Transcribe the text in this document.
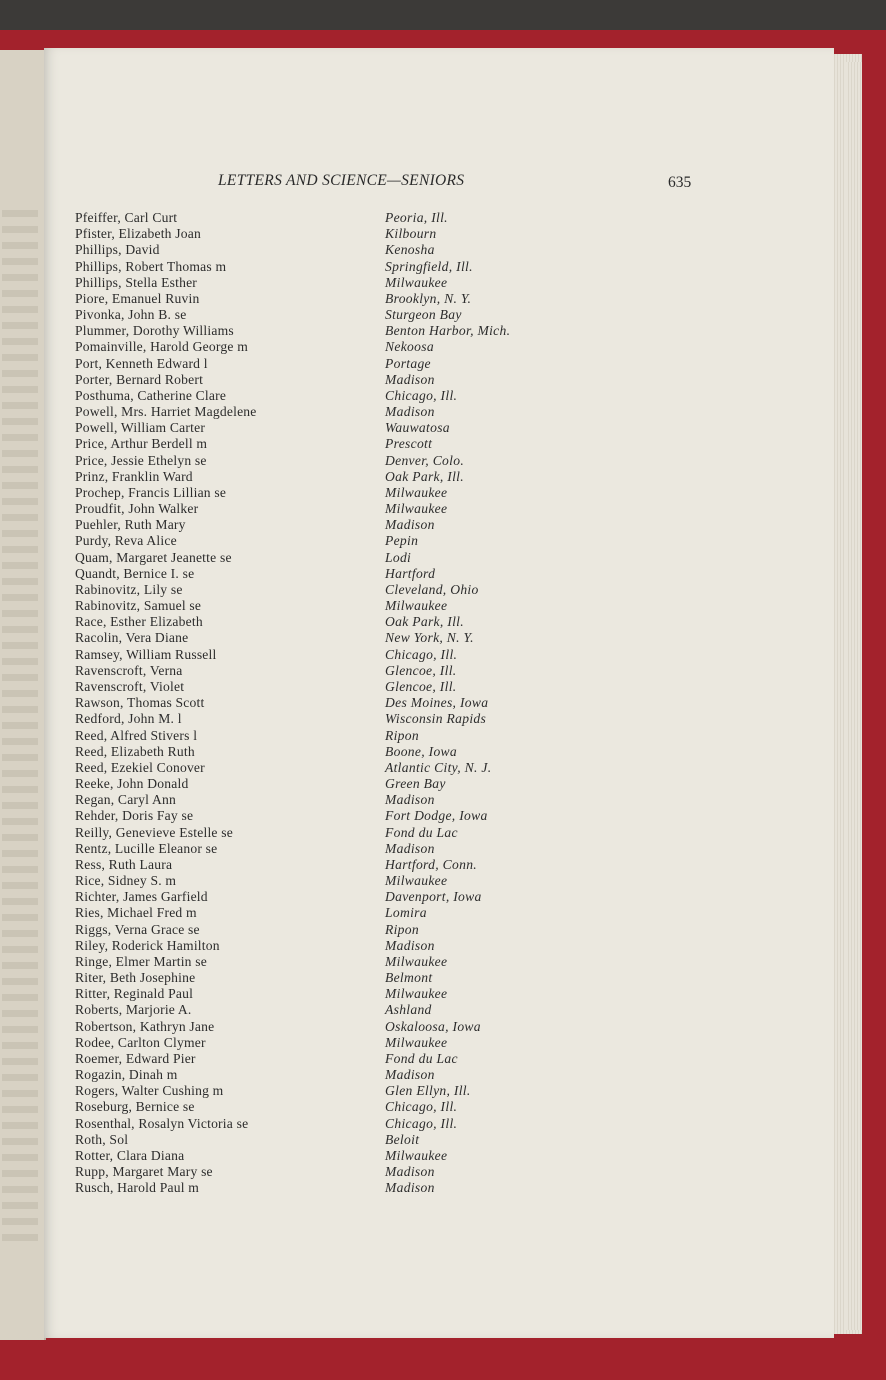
LETTERS AND SCIENCE—SENIORS	635
Pfeiffer, Carl Curt	Peoria, Ill.
Pfister, Elizabeth Joan	Kilbourn
Phillips, David	Kenosha
Phillips, Robert Thomas m	Springfield, Ill.
Phillips, Stella Esther	Milwaukee
Piore, Emanuel Ruvin	Brooklyn, N. Y.
Pivonka, John B. se	Sturgeon Bay
Plummer, Dorothy Williams	Benton Harbor, Mich.
Pomainville, Harold George m	Nekoosa
Port, Kenneth Edward l	Portage
Porter, Bernard Robert	Madison
Posthuma, Catherine Clare	Chicago, Ill.
Powell, Mrs. Harriet Magdelene	Madison
Powell, William Carter	Wauwatosa
Price, Arthur Berdell m	Prescott
Price, Jessie Ethelyn se	Denver, Colo.
Prinz, Franklin Ward	Oak Park, Ill.
Prochep, Francis Lillian se	Milwaukee
Proudfit, John Walker	Milwaukee
Puehler, Ruth Mary	Madison
Purdy, Reva Alice	Pepin
Quam, Margaret Jeanette se	Lodi
Quandt, Bernice I. se	Hartford
Rabinovitz, Lily se	Cleveland, Ohio
Rabinovitz, Samuel se	Milwaukee
Race, Esther Elizabeth	Oak Park, Ill.
Racolin, Vera Diane	New York, N. Y.
Ramsey, William Russell	Chicago, Ill.
Ravenscroft, Verna	Glencoe, Ill.
Ravenscroft, Violet	Glencoe, Ill.
Rawson, Thomas Scott	Des Moines, Iowa
Redford, John M. l	Wisconsin Rapids
Reed, Alfred Stivers l	Ripon
Reed, Elizabeth Ruth	Boone, Iowa
Reed, Ezekiel Conover	Atlantic City, N. J.
Reeke, John Donald	Green Bay
Regan, Caryl Ann	Madison
Rehder, Doris Fay se	Fort Dodge, Iowa
Reilly, Genevieve Estelle se	Fond du Lac
Rentz, Lucille Eleanor se	Madison
Ress, Ruth Laura	Hartford, Conn.
Rice, Sidney S. m	Milwaukee
Richter, James Garfield	Davenport, Iowa
Ries, Michael Fred m	Lomira
Riggs, Verna Grace se	Ripon
Riley, Roderick Hamilton	Madison
Ringe, Elmer Martin se	Milwaukee
Riter, Beth Josephine	Belmont
Ritter, Reginald Paul	Milwaukee
Roberts, Marjorie A.	Ashland
Robertson, Kathryn Jane	Oskaloosa, Iowa
Rodee, Carlton Clymer	Milwaukee
Roemer, Edward Pier	Fond du Lac
Rogazin, Dinah m	Madison
Rogers, Walter Cushing m	Glen Ellyn, Ill.
Roseburg, Bernice se	Chicago, Ill.
Rosenthal, Rosalyn Victoria se	Chicago, Ill.
Roth, Sol	Beloit
Rotter, Clara Diana	Milwaukee
Rupp, Margaret Mary se	Madison
Rusch, Harold Paul m	Madison
